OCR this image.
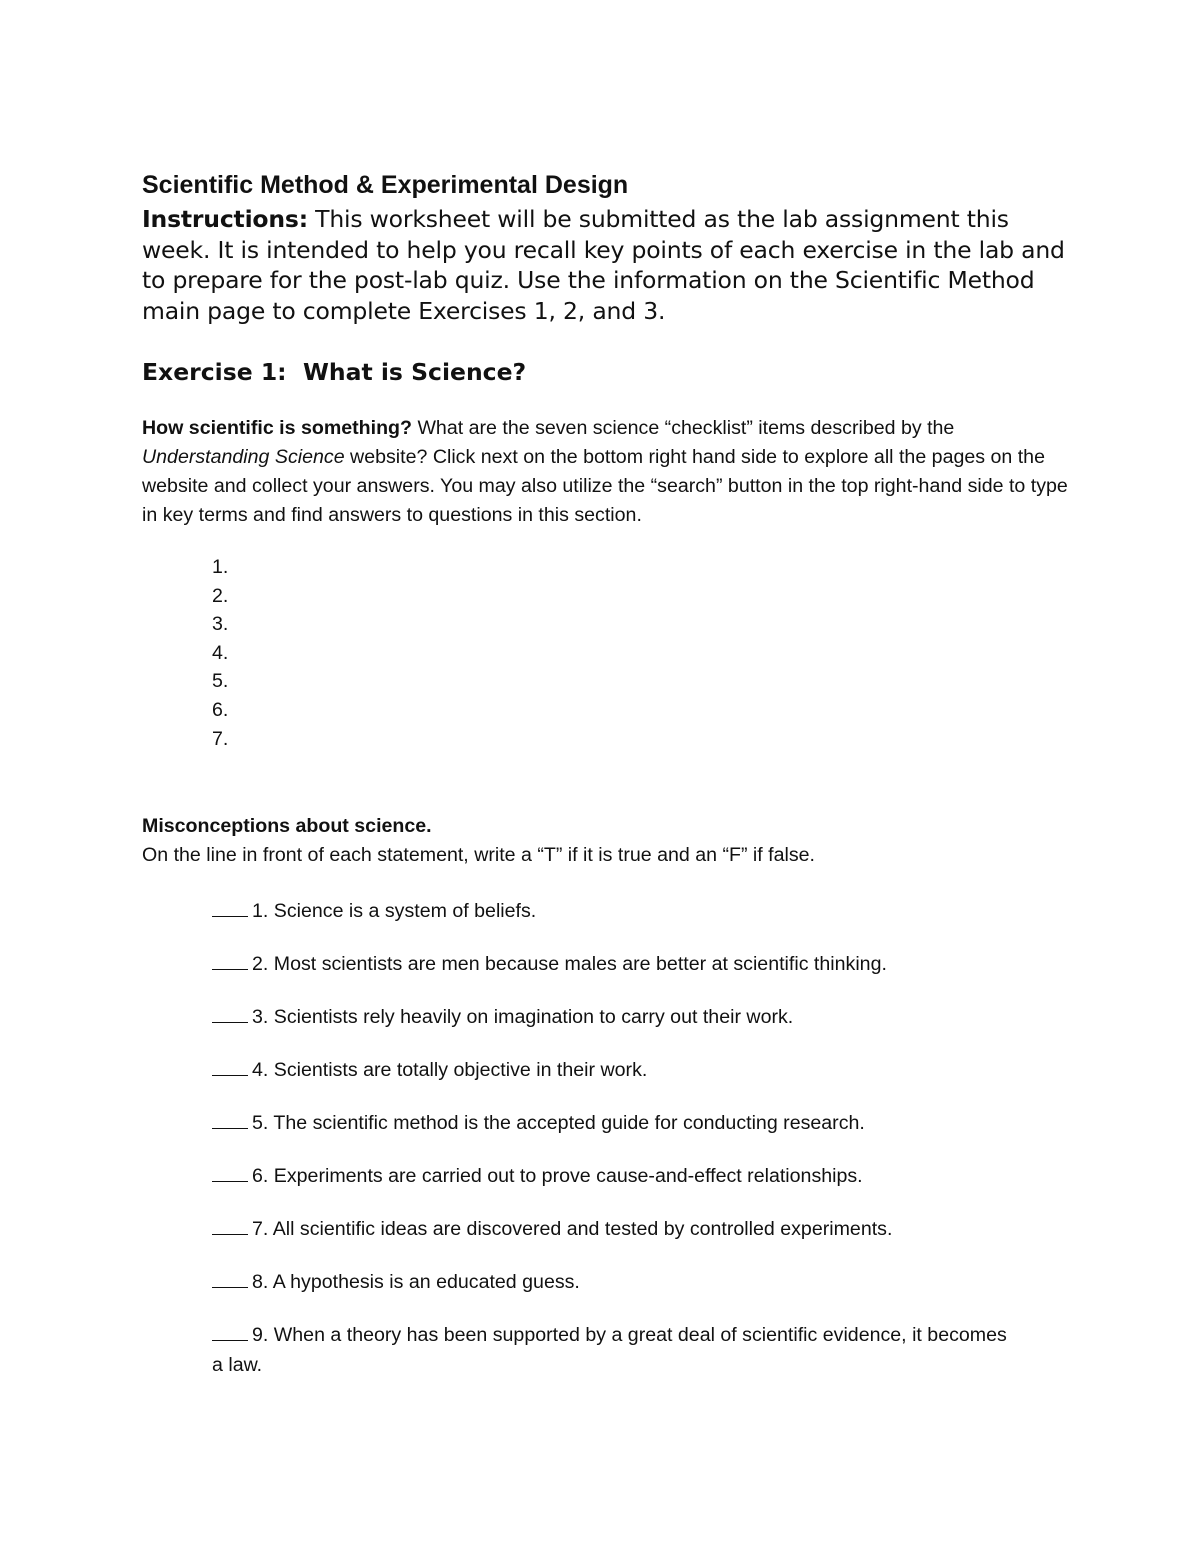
Scientific Method & Experimental Design

Instructions: This worksheet will be submitted as the lab assignment this week. It is intended to help you recall key points of each exercise in the lab and to prepare for the post-lab quiz. Use the information on the Scientific Method main page to complete Exercises 1, 2, and 3.

Exercise 1:  What is Science?

How scientific is something? What are the seven science “checklist” items described by the Understanding Science website? Click next on the bottom right hand side to explore all the pages on the website and collect your answers. You may also utilize the “search” button in the top right-hand side to type in key terms and find answers to questions in this section.

1.
2.
3.
4.
5.
6.
7.

Misconceptions about science.

On the line in front of each statement, write a “T” if it is true and an “F” if false.

1. Science is a system of beliefs.
2. Most scientists are men because males are better at scientific thinking.
3. Scientists rely heavily on imagination to carry out their work.
4. Scientists are totally objective in their work.
5. The scientific method is the accepted guide for conducting research.
6. Experiments are carried out to prove cause-and-effect relationships.
7. All scientific ideas are discovered and tested by controlled experiments.
8. A hypothesis is an educated guess.
9. When a theory has been supported by a great deal of scientific evidence, it becomes a law.
